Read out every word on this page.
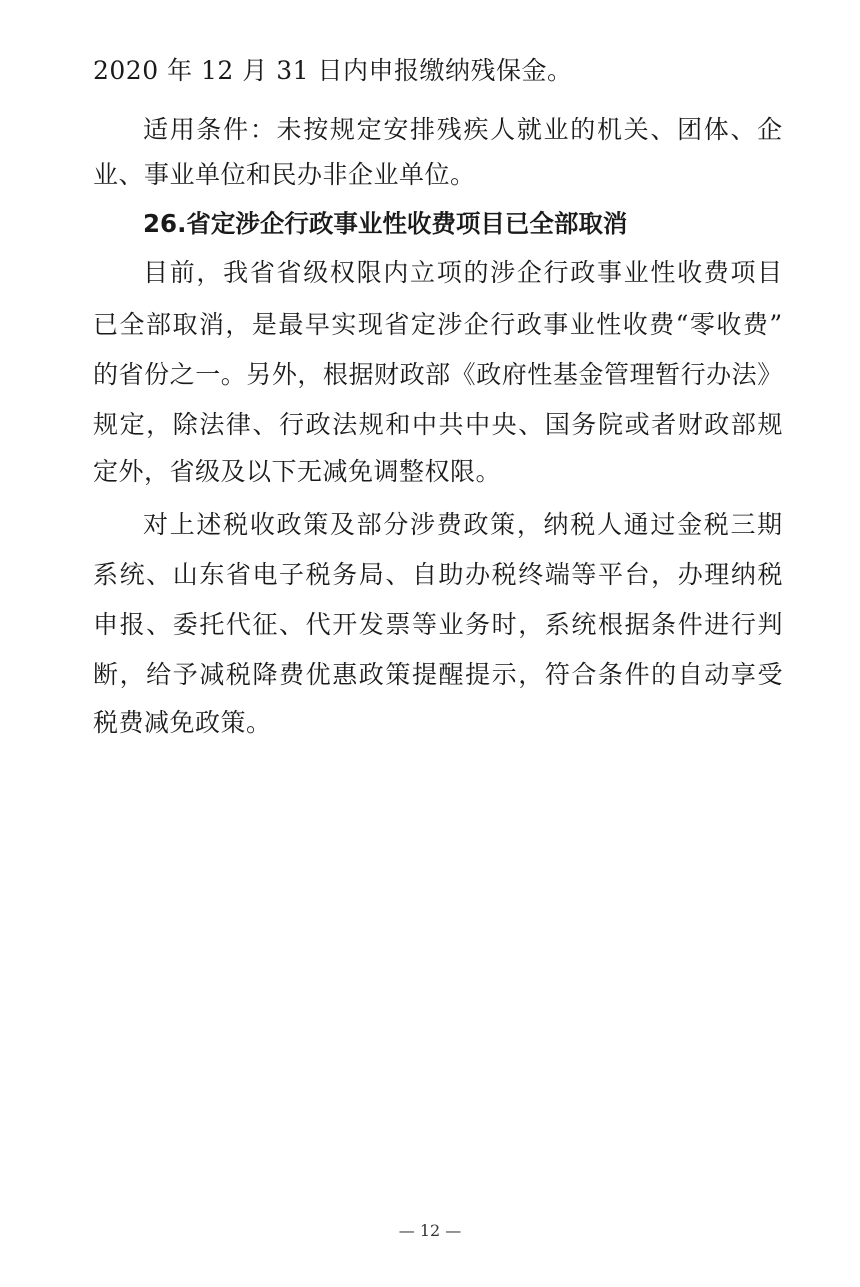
2020 年 12 月 31 日内申报缴纳残保金。
适 用 条 件 ： 未 按 规 定 安 排 残 疾 人 就 业 的 机 关 、 团 体 、 企
业、事业单位和民办非企业单位。
26.省定涉企行政事业性收费项目已全部取消
目 前 ， 我 省 省 级 权 限 内 立 项 的 涉 企 行 政 事 业 性 收 费 项 目
已 全 部 取 消 ， 是 最 早 实 现 省 定 涉 企 行 政 事 业 性 收 费 “ 零 收 费 ”
的 省 份 之 一 。 另 外 ， 根 据 财 政 部 《 政 府 性 基 金 管 理 暂 行 办 法 》
规 定 ， 除 法 律 、 行 政 法 规 和 中 共 中 央 、 国 务 院 或 者 财 政 部 规
定外，省级及以下无减免调整权限。
对 上 述 税 收 政 策 及 部 分 涉 费 政 策 ， 纳 税 人 通 过 金 税 三 期
系 统 、 山 东 省 电 子 税 务 局 、 自 助 办 税 终 端 等 平 台 ， 办 理 纳 税
申 报 、 委 托 代 征 、 代 开 发 票 等 业 务 时 ， 系 统 根 据 条 件 进 行 判
断 ， 给 予 减 税 降 费 优 惠 政 策 提 醒 提 示 ， 符 合 条 件 的 自 动 享 受
税费减免政策。
— 12 —
